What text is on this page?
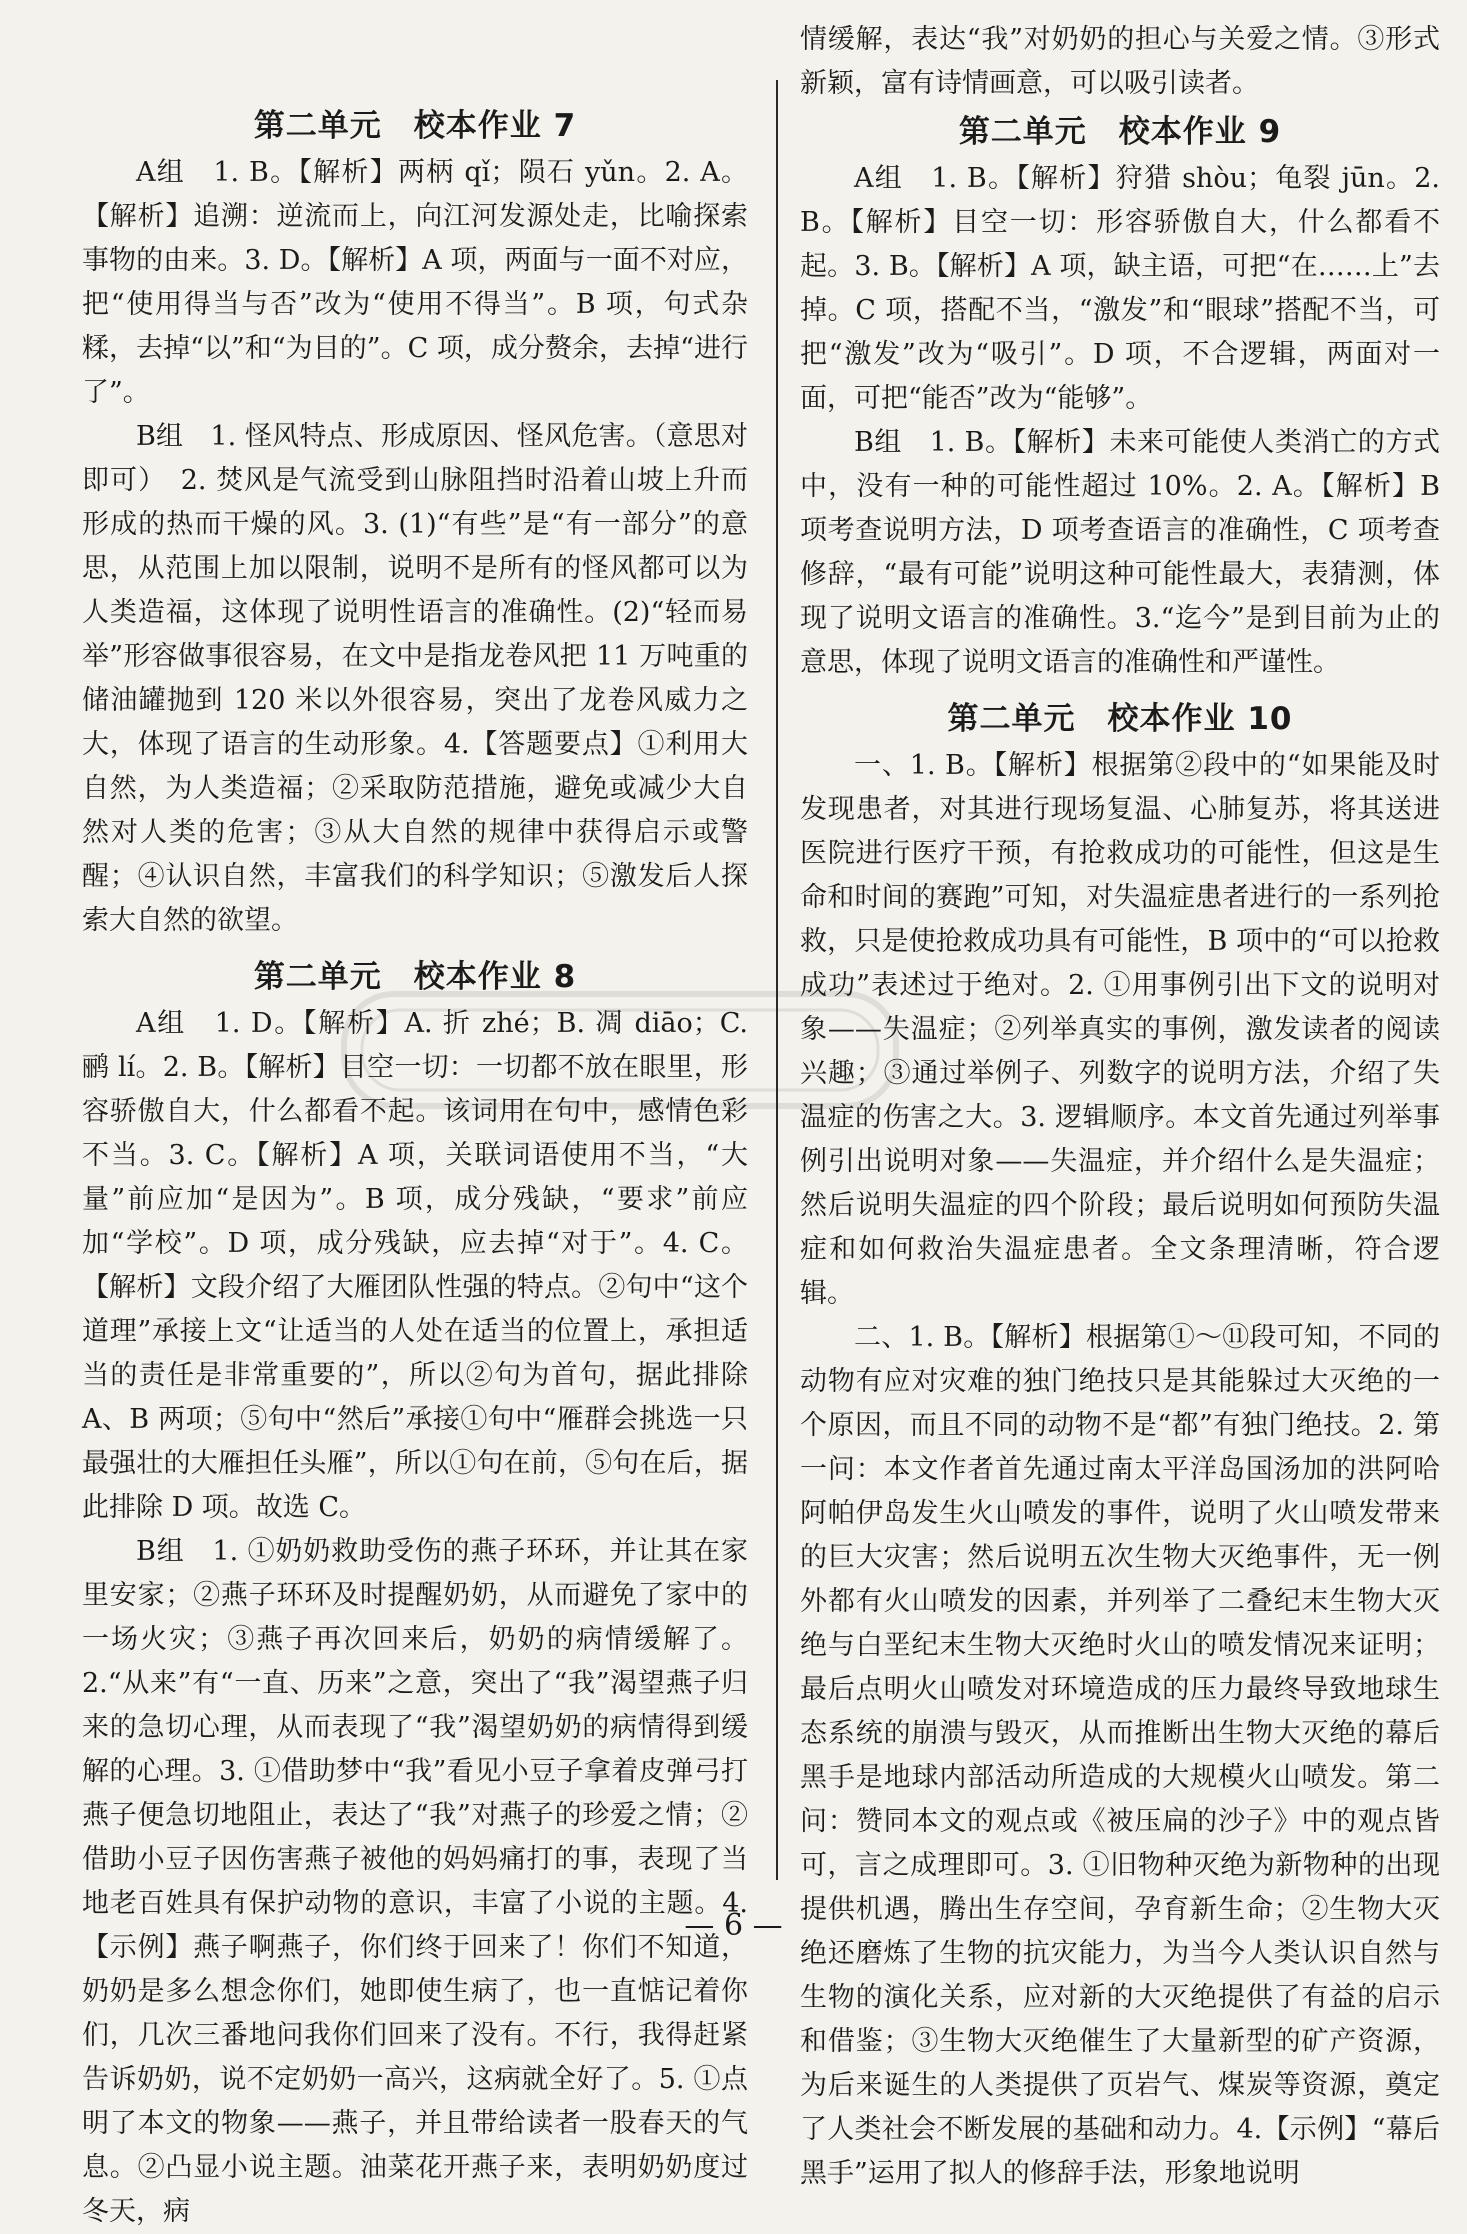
第二单元　校本作业 7

A组　1. B。【解析】两柄 qǐ；陨石 yǔn。2. A。【解析】追溯：逆流而上，向江河发源处走，比喻探索事物的由来。3. D。【解析】A 项，两面与一面不对应，把“使用得当与否”改为“使用不得当”。B 项，句式杂糅，去掉“以”和“为目的”。C 项，成分赘余，去掉“进行了”。

B组　1. 怪风特点、形成原因、怪风危害。（意思对即可）　2. 焚风是气流受到山脉阻挡时沿着山坡上升而形成的热而干燥的风。3. (1)“有些”是“有一部分”的意思，从范围上加以限制，说明不是所有的怪风都可以为人类造福，这体现了说明性语言的准确性。(2)“轻而易举”形容做事很容易，在文中是指龙卷风把 11 万吨重的储油罐抛到 120 米以外很容易，突出了龙卷风威力之大，体现了语言的生动形象。4.【答题要点】①利用大自然，为人类造福；②采取防范措施，避免或减少大自然对人类的危害；③从大自然的规律中获得启示或警醒；④认识自然，丰富我们的科学知识；⑤激发后人探索大自然的欲望。

第二单元　校本作业 8

A组　1. D。【解析】A. 折 zhé；B. 凋 diāo；C. 鹂 lí。2. B。【解析】目空一切：一切都不放在眼里，形容骄傲自大，什么都看不起。该词用在句中，感情色彩不当。3. C。【解析】A 项，关联词语使用不当，“大量”前应加“是因为”。B 项，成分残缺，“要求”前应加“学校”。D 项，成分残缺，应去掉“对于”。4. C。【解析】文段介绍了大雁团队性强的特点。②句中“这个道理”承接上文“让适当的人处在适当的位置上，承担适当的责任是非常重要的”，所以②句为首句，据此排除 A、B 两项；⑤句中“然后”承接①句中“雁群会挑选一只最强壮的大雁担任头雁”，所以①句在前，⑤句在后，据此排除 D 项。故选 C。

B组　1. ①奶奶救助受伤的燕子环环，并让其在家里安家；②燕子环环及时提醒奶奶，从而避免了家中的一场火灾；③燕子再次回来后，奶奶的病情缓解了。2.“从来”有“一直、历来”之意，突出了“我”渴望燕子归来的急切心理，从而表现了“我”渴望奶奶的病情得到缓解的心理。3. ①借助梦中“我”看见小豆子拿着皮弹弓打燕子便急切地阻止，表达了“我”对燕子的珍爱之情；②借助小豆子因伤害燕子被他的妈妈痛打的事，表现了当地老百姓具有保护动物的意识，丰富了小说的主题。4.【示例】燕子啊燕子，你们终于回来了！你们不知道，奶奶是多么想念你们，她即使生病了，也一直惦记着你们，几次三番地问我你们回来了没有。不行，我得赶紧告诉奶奶，说不定奶奶一高兴，这病就全好了。5. ①点明了本文的物象——燕子，并且带给读者一股春天的气息。②凸显小说主题。油菜花开燕子来，表明奶奶度过冬天，病

情缓解，表达“我”对奶奶的担心与关爱之情。③形式新颖，富有诗情画意，可以吸引读者。

第二单元　校本作业 9

A组　1. B。【解析】狩猎 shòu；龟裂 jūn。2. B。【解析】目空一切：形容骄傲自大，什么都看不起。3. B。【解析】A 项，缺主语，可把“在……上”去掉。C 项，搭配不当，“激发”和“眼球”搭配不当，可把“激发”改为“吸引”。D 项，不合逻辑，两面对一面，可把“能否”改为“能够”。

B组　1. B。【解析】未来可能使人类消亡的方式中，没有一种的可能性超过 10%。2. A。【解析】B 项考查说明方法，D 项考查语言的准确性，C 项考查修辞，“最有可能”说明这种可能性最大，表猜测，体现了说明文语言的准确性。3.“迄今”是到目前为止的意思，体现了说明文语言的准确性和严谨性。

第二单元　校本作业 10

一、1. B。【解析】根据第②段中的“如果能及时发现患者，对其进行现场复温、心肺复苏，将其送进医院进行医疗干预，有抢救成功的可能性，但这是生命和时间的赛跑”可知，对失温症患者进行的一系列抢救，只是使抢救成功具有可能性，B 项中的“可以抢救成功”表述过于绝对。2. ①用事例引出下文的说明对象——失温症；②列举真实的事例，激发读者的阅读兴趣；③通过举例子、列数字的说明方法，介绍了失温症的伤害之大。3. 逻辑顺序。本文首先通过列举事例引出说明对象——失温症，并介绍什么是失温症；然后说明失温症的四个阶段；最后说明如何预防失温症和如何救治失温症患者。全文条理清晰，符合逻辑。

二、1. B。【解析】根据第①～⑪段可知，不同的动物有应对灾难的独门绝技只是其能躲过大灭绝的一个原因，而且不同的动物不是“都”有独门绝技。2. 第一问：本文作者首先通过南太平洋岛国汤加的洪阿哈阿帕伊岛发生火山喷发的事件，说明了火山喷发带来的巨大灾害；然后说明五次生物大灭绝事件，无一例外都有火山喷发的因素，并列举了二叠纪末生物大灭绝与白垩纪末生物大灭绝时火山的喷发情况来证明；最后点明火山喷发对环境造成的压力最终导致地球生态系统的崩溃与毁灭，从而推断出生物大灭绝的幕后黑手是地球内部活动所造成的大规模火山喷发。第二问：赞同本文的观点或《被压扁的沙子》中的观点皆可，言之成理即可。3. ①旧物种灭绝为新物种的出现提供机遇，腾出生存空间，孕育新生命；②生物大灭绝还磨炼了生物的抗灾能力，为当今人类认识自然与生物的演化关系，应对新的大灭绝提供了有益的启示和借鉴；③生物大灭绝催生了大量新型的矿产资源，为后来诞生的人类提供了页岩气、煤炭等资源，奠定了人类社会不断发展的基础和动力。4.【示例】“幕后黑手”运用了拟人的修辞手法，形象地说明

— 6 —
